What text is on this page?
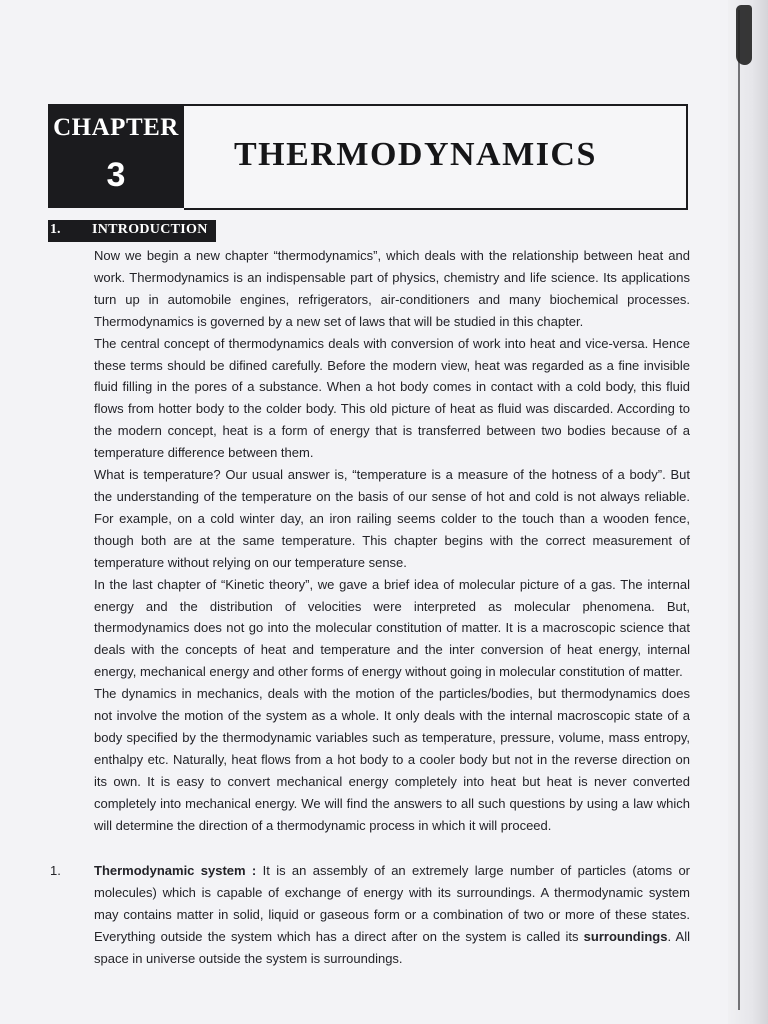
CHAPTER
3
THERMODYNAMICS
1. INTRODUCTION

Now we begin a new chapter “thermodynamics”, which deals with the relationship between heat and work. Thermodynamics is an indispensable part of physics, chemistry and life science. Its applications turn up in automobile engines, refrigerators, air-conditioners and many biochemical processes. Thermodynamics is governed by a new set of laws that will be studied in this chapter.

The central concept of thermodynamics deals with conversion of work into heat and vice-versa. Hence these terms should be difined carefully. Before the modern view, heat was regarded as a fine invisible fluid filling in the pores of a substance. When a hot body comes in contact with a cold body, this fluid flows from hotter body to the colder body. This old picture of heat as fluid was discarded. According to the modern concept, heat is a form of energy that is transferred between two bodies because of a temperature difference between them.

What is temperature? Our usual answer is, “temperature is a measure of the hotness of a body”. But the understanding of the temperature on the basis of our sense of hot and cold is not always reliable. For example, on a cold winter day, an iron railing seems colder to the touch than a wooden fence, though both are at the same temperature. This chapter begins with the correct measurement of temperature without relying on our temperature sense.

In the last chapter of “Kinetic theory”, we gave a brief idea of molecular picture of a gas. The internal energy and the distribution of velocities were interpreted as molecular phenomena. But, thermodynamics does not go into the molecular constitution of matter. It is a macroscopic science that deals with the concepts of heat and temperature and the inter conversion of heat energy, internal energy, mechanical energy and other forms of energy without going in molecular constitution of matter.

The dynamics in mechanics, deals with the motion of the particles/bodies, but thermodynamics does not involve the motion of the system as a whole. It only deals with the internal macroscopic state of a body specified by the thermodynamic variables such as temperature, pressure, volume, mass entropy, enthalpy etc. Naturally, heat flows from a hot body to a cooler body but not in the reverse direction on its own. It is easy to convert mechanical energy completely into heat but heat is never converted completely into mechanical energy. We will find the answers to all such questions by using a law which will determine the direction of a thermodynamic process in which it will proceed.

1.	Thermodynamic system : It is an assembly of an extremely large number of particles (atoms or molecules) which is capable of exchange of energy with its surroundings. A thermodynamic system may contains matter in solid, liquid or gaseous form or a combination of two or more of these states. Everything outside the system which has a direct after on the system is called its surroundings. All space in universe outside the system is surroundings.
